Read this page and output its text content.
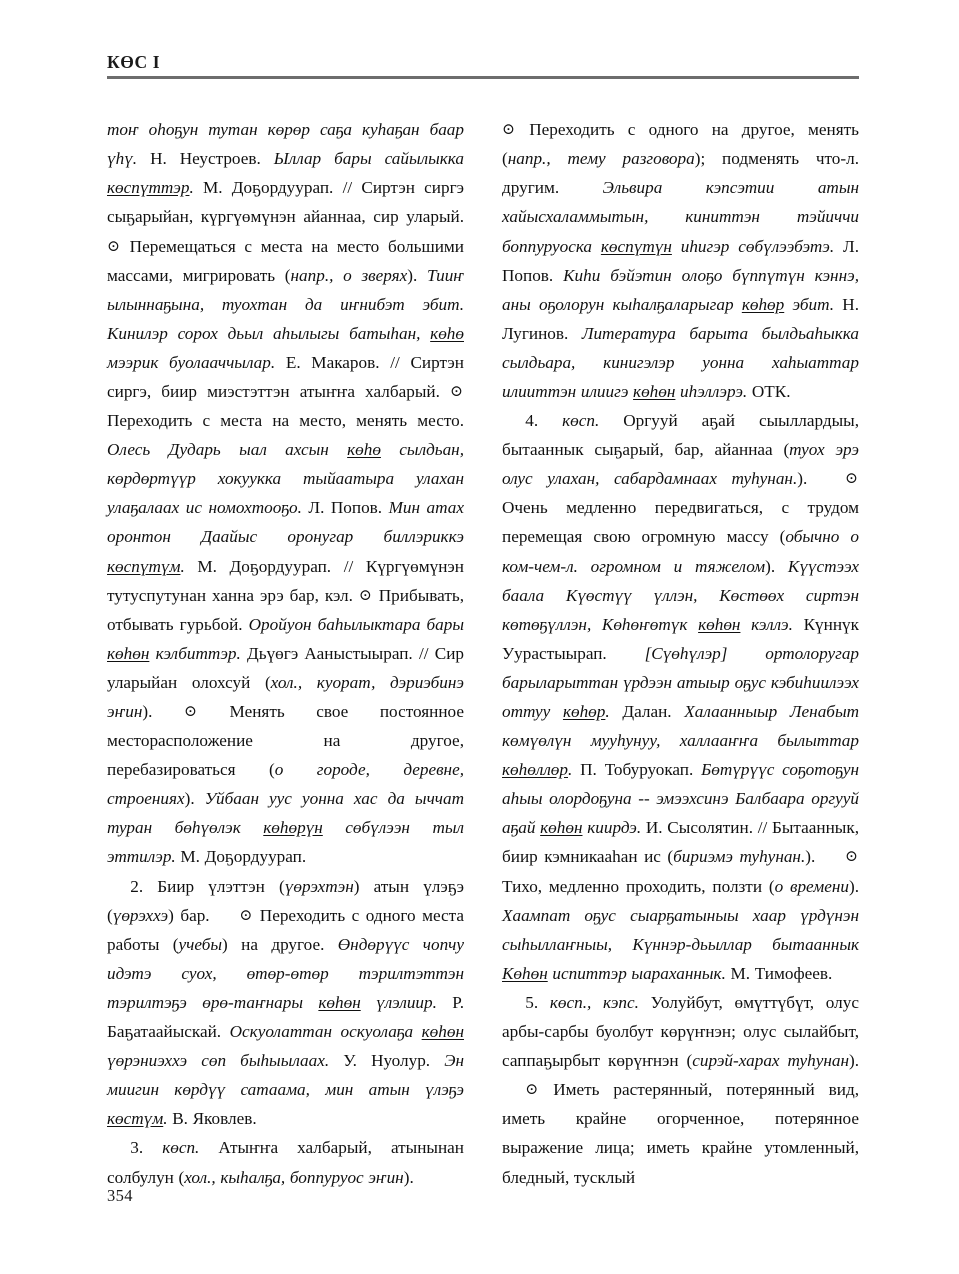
КӨС I

тоҥ оһоҕун тутан көрөр саҕа куһаҕан баар үһү. Н. Неустроев. Ыллар бары сайылыкка көспүттэр. М. Доҕордуурап. // Сиртэн сиргэ сыҕарыйан, күргүөмүнэн айаннаа, сир уларый. ⊙ Перемещаться с места на место большими массами, мигрировать (напр., о зверях). Тииҥ ылыннаҕына, туохтан да иҥнибэт эбит. Кинилэр сорох дьыл аһылыгы батыһан, көһө мээрик буолааччылар. Е. Макаров. // Сиртэн сиргэ, биир миэстэттэн атыҥҥа халбарый. ⊙ Переходить с места на место, менять место. Олесь Дударь ыал ахсын көһө сылдьан, көрдөртүүр хокуукка тыйаатыра улахан улаҕалаах ис номохтооҕо. Л. Попов. Мин атах оронтон Даайыс оронугар биллэриккэ көспүтүм. М. Доҕордуурап. // Күргүөмүнэн тутуспутунан ханна эрэ бар, кэл. ⊙ Прибывать, отбывать гурьбой. Оройуон баһылыктара бары көһөн кэлбиттэр. Дьүөгэ Ааныстыырап. // Сир уларыйан олохсуй (хол., куорат, дэриэбинэ эҥин). ⊙ Менять свое постоянное месторасположение на другое, перебазироваться (о городе, деревне, строениях). Уйбаан уус уонна хас да ыччат туран бөһүөлэк көһөрүн сөбүлээн тыл эттилэр. М. Доҕордуурап.

2. Биир үлэттэн (үөрэхтэн) атын үлэҕэ (үөрэххэ) бар. ⊙ Переходить с одного места работы (учебы) на другое. Өндөрүүс чопчу идэтэ суох, өтөр-өтөр тэрилтэттэн тэрилтэҕэ өрө-таҥнары көһөн үлэлиир. Р. Баҕатаайыскай. Оскуолаттан оскуолаҕа көһөн үөрэниэххэ сөп быһыылаах. У. Нуолур. Эн миигин көрдүү сатаама, мин атын үлэҕэ көстүм. В. Яковлев.

3. көсп. Атыҥҥа халбарый, атынынан солбулун (хол., кыһалҕа, боппуруос эҥин).

⊙ Переходить с одного на другое, менять (напр., тему разговора); подменять что-л. другим. Эльвира кэпсэтии атын хайысхаламмытын, киниттэн тэйиччи боппуруоска көспүтүн иһигэр сөбүлээбэтэ. Л. Попов. Киһи бэйэтин олоҕо бүппүтүн кэннэ, аны оҕолорун кыһалҕаларыгар көһөр эбит. Н. Лугинов. Литература барыта былдьаһыкка сылдьара, кинигэлэр уонна хаһыаттар илииттэн илиигэ көһөн иһэллэрэ. ОТК.

4. көсп. Оргууй аҕай сыыллардыы, бытааннык сыҕарый, бар, айаннаа (туох эрэ олус улахан, сабардамнаах туһунан.). ⊙ Очень медленно передвигаться, с трудом перемещая свою огромную массу (обычно о ком-чем-л. огромном и тяжелом). Күүстээх баала Күөстүү үллэн, Көстөөх сиртэн көтөҕүллэн, Көһөҥөтүк көһөн кэллэ. Күннүк Уурастыырап. [Сүөһүлэр] ортолоругар барыларыттан үрдээн атыыр оҕус кэбиһиилээх оттуу көһөр. Далан. Халаанныыр Ленабыт көмүөлүн мууһунуу, халлааҥҥа былыттар көһөллөр. П. Тобуруокап. Бөтүрүүс соҕотоҕун аһыы олордоҕуна -- эмээхсинэ Балбаара оргууй аҕай көһөн киирдэ. И. Сысолятин. // Бытааннык, биир кэмникааһан ис (бириэмэ туһунан.). ⊙ Тихо, медленно проходить, ползти (о времени). Хаампат оҕус сыарҕатыныы хаар үрдүнэн сыһыллаҥныы, Күннэр-дьыллар бытааннык Көһөн испиттэр ыараханнык. М. Тимофеев.

5. көсп., кэпс. Уолуйбут, өмүттүбүт, олус арбы-сарбы буолбут көрүҥнэн; олус сылайбыт, саппаҕырбыт көрүҥнэн (сирэй-харах туһунан). ⊙ Иметь растерянный, потерянный вид, иметь крайне огорченное, потерянное выражение лица; иметь крайне утомленный, бледный, тусклый

354
